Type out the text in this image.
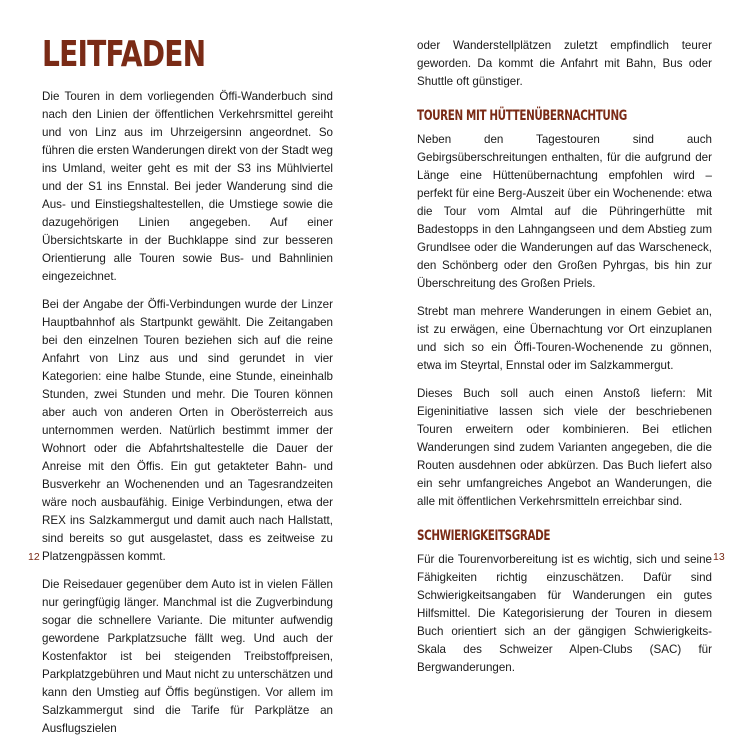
LEITFADEN

Die Touren in dem vorliegenden Öffi-Wanderbuch sind nach den Linien der öffentlichen Verkehrsmittel gereiht und von Linz aus im Uhrzeigersinn angeordnet. So führen die ersten Wanderungen direkt von der Stadt weg ins Umland, weiter geht es mit der S3 ins Mühlviertel und der S1 ins Ennstal. Bei jeder Wanderung sind die Aus- und Einstiegshaltestellen, die Umstiege sowie die dazugehörigen Linien angegeben. Auf einer Übersichtskarte in der Buchklappe sind zur besseren Orientierung alle Touren sowie Bus- und Bahnlinien eingezeichnet.

Bei der Angabe der Öffi-Verbindungen wurde der Linzer Hauptbahnhof als Startpunkt gewählt. Die Zeitangaben bei den einzelnen Touren beziehen sich auf die reine Anfahrt von Linz aus und sind gerundet in vier Kategorien: eine halbe Stunde, eine Stunde, eineinhalb Stunden, zwei Stunden und mehr. Die Touren können aber auch von anderen Orten in Oberösterreich aus unternommen werden. Natürlich bestimmt immer der Wohnort oder die Abfahrtshaltestelle die Dauer der Anreise mit den Öffis. Ein gut getakteter Bahn- und Busverkehr an Wochenenden und an Tagesrandzeiten wäre noch ausbaufähig. Einige Verbindungen, etwa der REX ins Salzkammergut und damit auch nach Hallstatt, sind bereits so gut ausgelastet, dass es zeitweise zu Platzengpässen kommt.

Die Reisedauer gegenüber dem Auto ist in vielen Fällen nur geringfügig länger. Manchmal ist die Zugverbindung sogar die schnellere Variante. Die mitunter aufwendig gewordene Parkplatzsuche fällt weg. Und auch der Kostenfaktor ist bei steigenden Treibstoffpreisen, Parkplatzgebühren und Maut nicht zu unterschätzen und kann den Umstieg auf Öffis begünstigen. Vor allem im Salzkammergut sind die Tarife für Parkplätze an Ausflugszielen

12

oder Wanderstellplätzen zuletzt empfindlich teurer geworden. Da kommt die Anfahrt mit Bahn, Bus oder Shuttle oft günstiger.

TOUREN MIT HÜTTENÜBERNACHTUNG

Neben den Tagestouren sind auch Gebirgsüberschreitungen enthalten, für die aufgrund der Länge eine Hüttenübernachtung empfohlen wird – perfekt für eine Berg-Auszeit über ein Wochenende: etwa die Tour vom Almtal auf die Pühringerhütte mit Badestopps in den Lahngangseen und dem Abstieg zum Grundlsee oder die Wanderungen auf das Warscheneck, den Schönberg oder den Großen Pyhrgas, bis hin zur Überschreitung des Großen Priels.

Strebt man mehrere Wanderungen in einem Gebiet an, ist zu erwägen, eine Übernachtung vor Ort einzuplanen und sich so ein Öffi-Touren-Wochenende zu gönnen, etwa im Steyrtal, Ennstal oder im Salzkammergut.

Dieses Buch soll auch einen Anstoß liefern: Mit Eigeninitiative lassen sich viele der beschriebenen Touren erweitern oder kombinieren. Bei etlichen Wanderungen sind zudem Varianten angegeben, die die Routen ausdehnen oder abkürzen. Das Buch liefert also ein sehr umfangreiches Angebot an Wanderungen, die alle mit öffentlichen Verkehrsmitteln erreichbar sind.

SCHWIERIGKEITSGRADE

Für die Tourenvorbereitung ist es wichtig, sich und seine Fähigkeiten richtig einzuschätzen. Dafür sind Schwierigkeitsangaben für Wanderungen ein gutes Hilfsmittel. Die Kategorisierung der Touren in diesem Buch orientiert sich an der gängigen Schwierigkeits-Skala des Schweizer Alpen-Clubs (SAC) für Bergwanderungen.

13
